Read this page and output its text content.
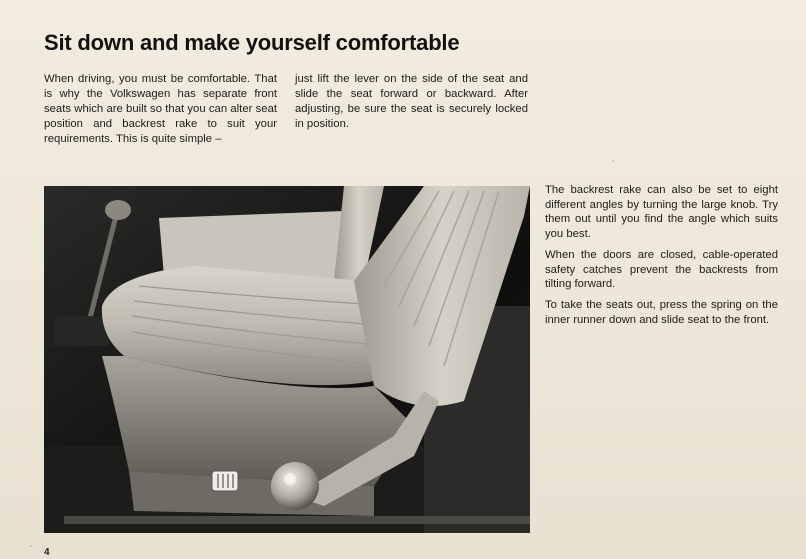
Sit down and make yourself comfortable

When driving, you must be comfortable. That is why the Volkswagen has separate front seats which are built so that you can alter seat position and backrest rake to suit your requirements. This is quite simple –

just lift the lever on the side of the seat and slide the seat forward or backward. After adjusting, be sure the seat is securely locked in position.

The backrest rake can also be set to eight different angles by turning the large knob. Try them out until you find the angle which suits you best.

When the doors are closed, cable-operated safety catches prevent the backrests from tilting forward.

To take the seats out, press the spring on the inner runner down and slide seat to the front.

4
